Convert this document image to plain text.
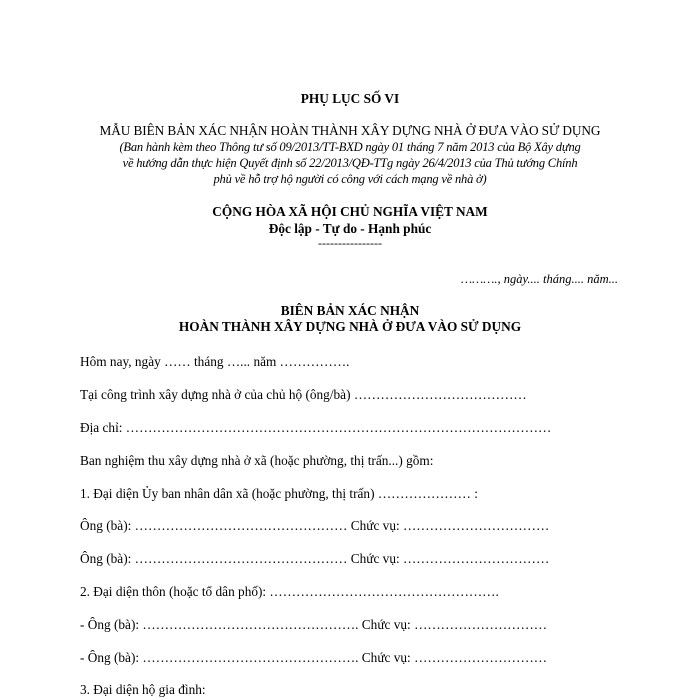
PHỤ LỤC SỐ VI
MẪU BIÊN BẢN XÁC NHẬN HOÀN THÀNH XÂY DỰNG NHÀ Ở ĐƯA VÀO SỬ DỤNG
(Ban hành kèm theo Thông tư số 09/2013/TT-BXD ngày 01 tháng 7 năm 2013 của Bộ Xây dựng
về hướng dẫn thực hiện Quyết định số 22/2013/QĐ-TTg ngày 26/4/2013 của Thủ tướng Chính
phủ về hỗ trợ hộ người có công với cách mạng về nhà ở)
CỘNG HÒA XÃ HỘI CHỦ NGHĨA VIỆT NAM
Độc lập - Tự do - Hạnh phúc
----------------
………., ngày.... tháng.... năm...
BIÊN BẢN XÁC NHẬN
HOÀN THÀNH XÂY DỰNG NHÀ Ở ĐƯA VÀO SỬ DỤNG
Hôm nay, ngày …… tháng …... năm …………….
Tại công trình xây dựng nhà ở của chủ hộ (ông/bà) …………………………………
Địa chỉ: ……………………………………………………………………………………
Ban nghiệm thu xây dựng nhà ở xã (hoặc phường, thị trấn...) gồm:
1. Đại diện Ủy ban nhân dân xã (hoặc phường, thị trấn) ………………… :
Ông (bà): ………………………………………… Chức vụ: ……………………………
Ông (bà): ………………………………………… Chức vụ: ……………………………
2. Đại diện thôn (hoặc tổ dân phố): …………………………………………….
- Ông (bà): …………………………………………. Chức vụ: …………………………
- Ông (bà): …………………………………………. Chức vụ: …………………………
3. Đại diện hộ gia đình:
